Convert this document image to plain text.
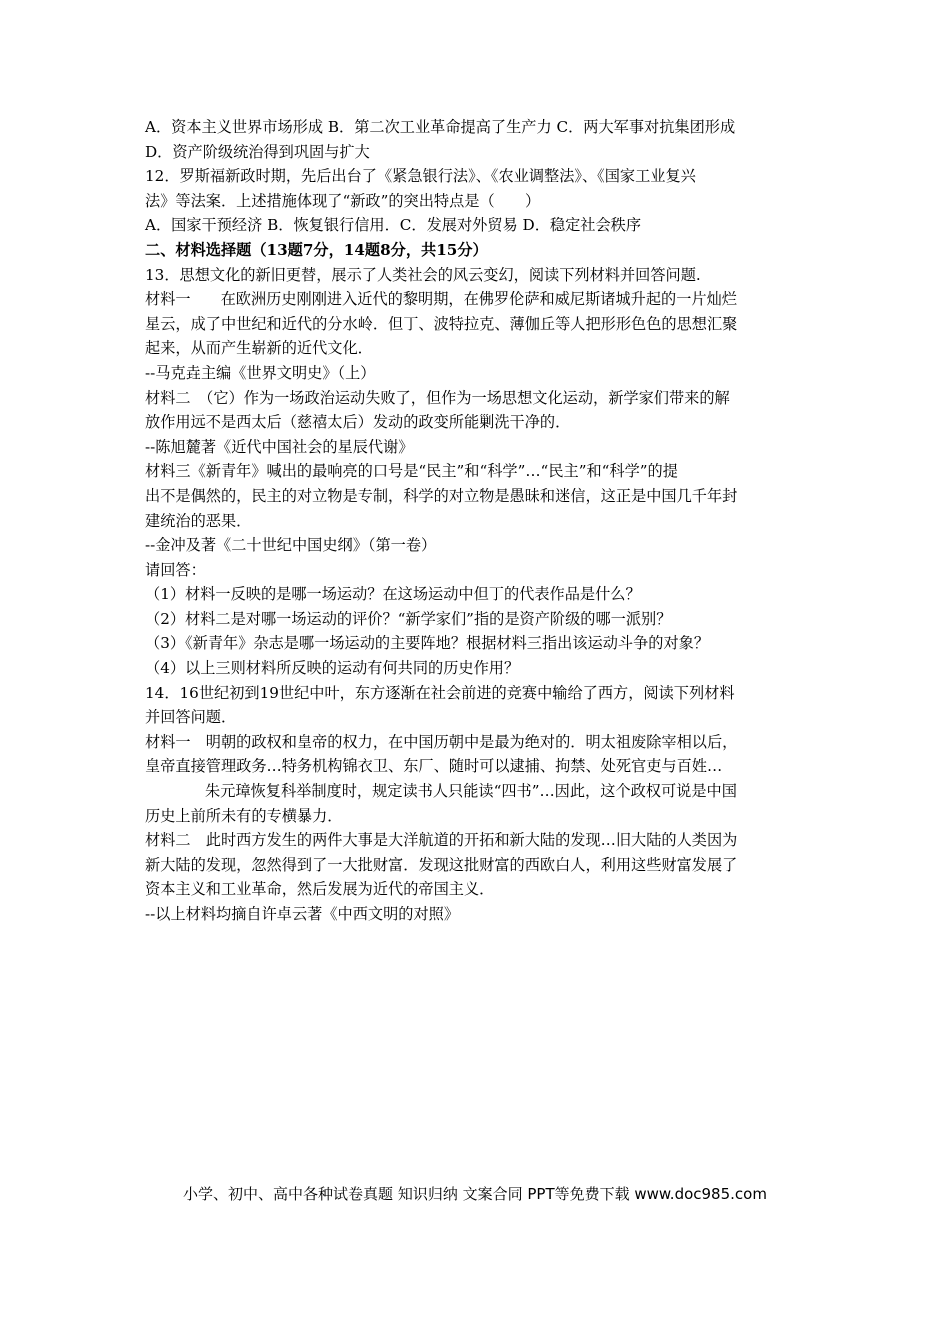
A．资本主义世界市场形成 B．第二次工业革命提高了生产力 C．两大军事对抗集团形成
D．资产阶级统治得到巩固与扩大
12．罗斯福新政时期，先后出台了《紧急银行法》、《农业调整法》、《国家工业复兴
法》等法案．上述措施体现了“新政”的突出特点是（　　）
A．国家干预经济 B．恢复银行信用．C．发展对外贸易 D．稳定社会秩序
二、材料选择题（13题7分，14题8分，共15分）
13．思想文化的新旧更替，展示了人类社会的风云变幻，阅读下列材料并回答问题.
材料一 在欧洲历史刚刚进入近代的黎明期，在佛罗伦萨和威尼斯诸城升起的一片灿烂
星云，成了中世纪和近代的分水岭．但丁、波特拉克、薄伽丘等人把形形色色的思想汇聚
起来，从而产生崭新的近代文化．
--马克垚主编《世界文明史》（上）
材料二　（它）作为一场政治运动失败了，但作为一场思想文化运动，新学家们带来的解
放作用远不是西太后（慈禧太后）发动的政变所能剿洗干净的．
--陈旭麓著《近代中国社会的星辰代谢》
材料三《新青年》喊出的最响亮的口号是“民主”和“科学”…“民主”和“科学”的提
出不是偶然的，民主的对立物是专制，科学的对立物是愚昧和迷信，这正是中国几千年封
建统治的恶果．
--金冲及著《二十世纪中国史纲》（第一卷）
请回答：
（1）材料一反映的是哪一场运动？在这场运动中但丁的代表作品是什么？
（2）材料二是对哪一场运动的评价？“新学家们”指的是资产阶级的哪一派别？
（3）《新青年》杂志是哪一场运动的主要阵地？根据材料三指出该运动斗争的对象？
（4）以上三则材料所反映的运动有何共同的历史作用？
14．16世纪初到19世纪中叶，东方逐渐在社会前进的竞赛中输给了西方，阅读下列材料
并回答问题．
材料一　明朝的政权和皇帝的权力，在中国历朝中是最为绝对的．明太祖废除宰相以后，
皇帝直接管理政务…特务机构锦衣卫、东厂、随时可以逮捕、拘禁、处死官吏与百姓…
朱元璋恢复科举制度时，规定读书人只能读“四书”…因此，这个政权可说是中国
历史上前所未有的专横暴力．
材料二　此时西方发生的两件大事是大洋航道的开拓和新大陆的发现…旧大陆的人类因为
新大陆的发现，忽然得到了一大批财富．发现这批财富的西欧白人，利用这些财富发展了
资本主义和工业革命，然后发展为近代的帝国主义．
--以上材料均摘自许卓云著《中西文明的对照》
小学、初中、高中各种试卷真题 知识归纳 文案合同 PPT等免费下载 www.doc985.com
